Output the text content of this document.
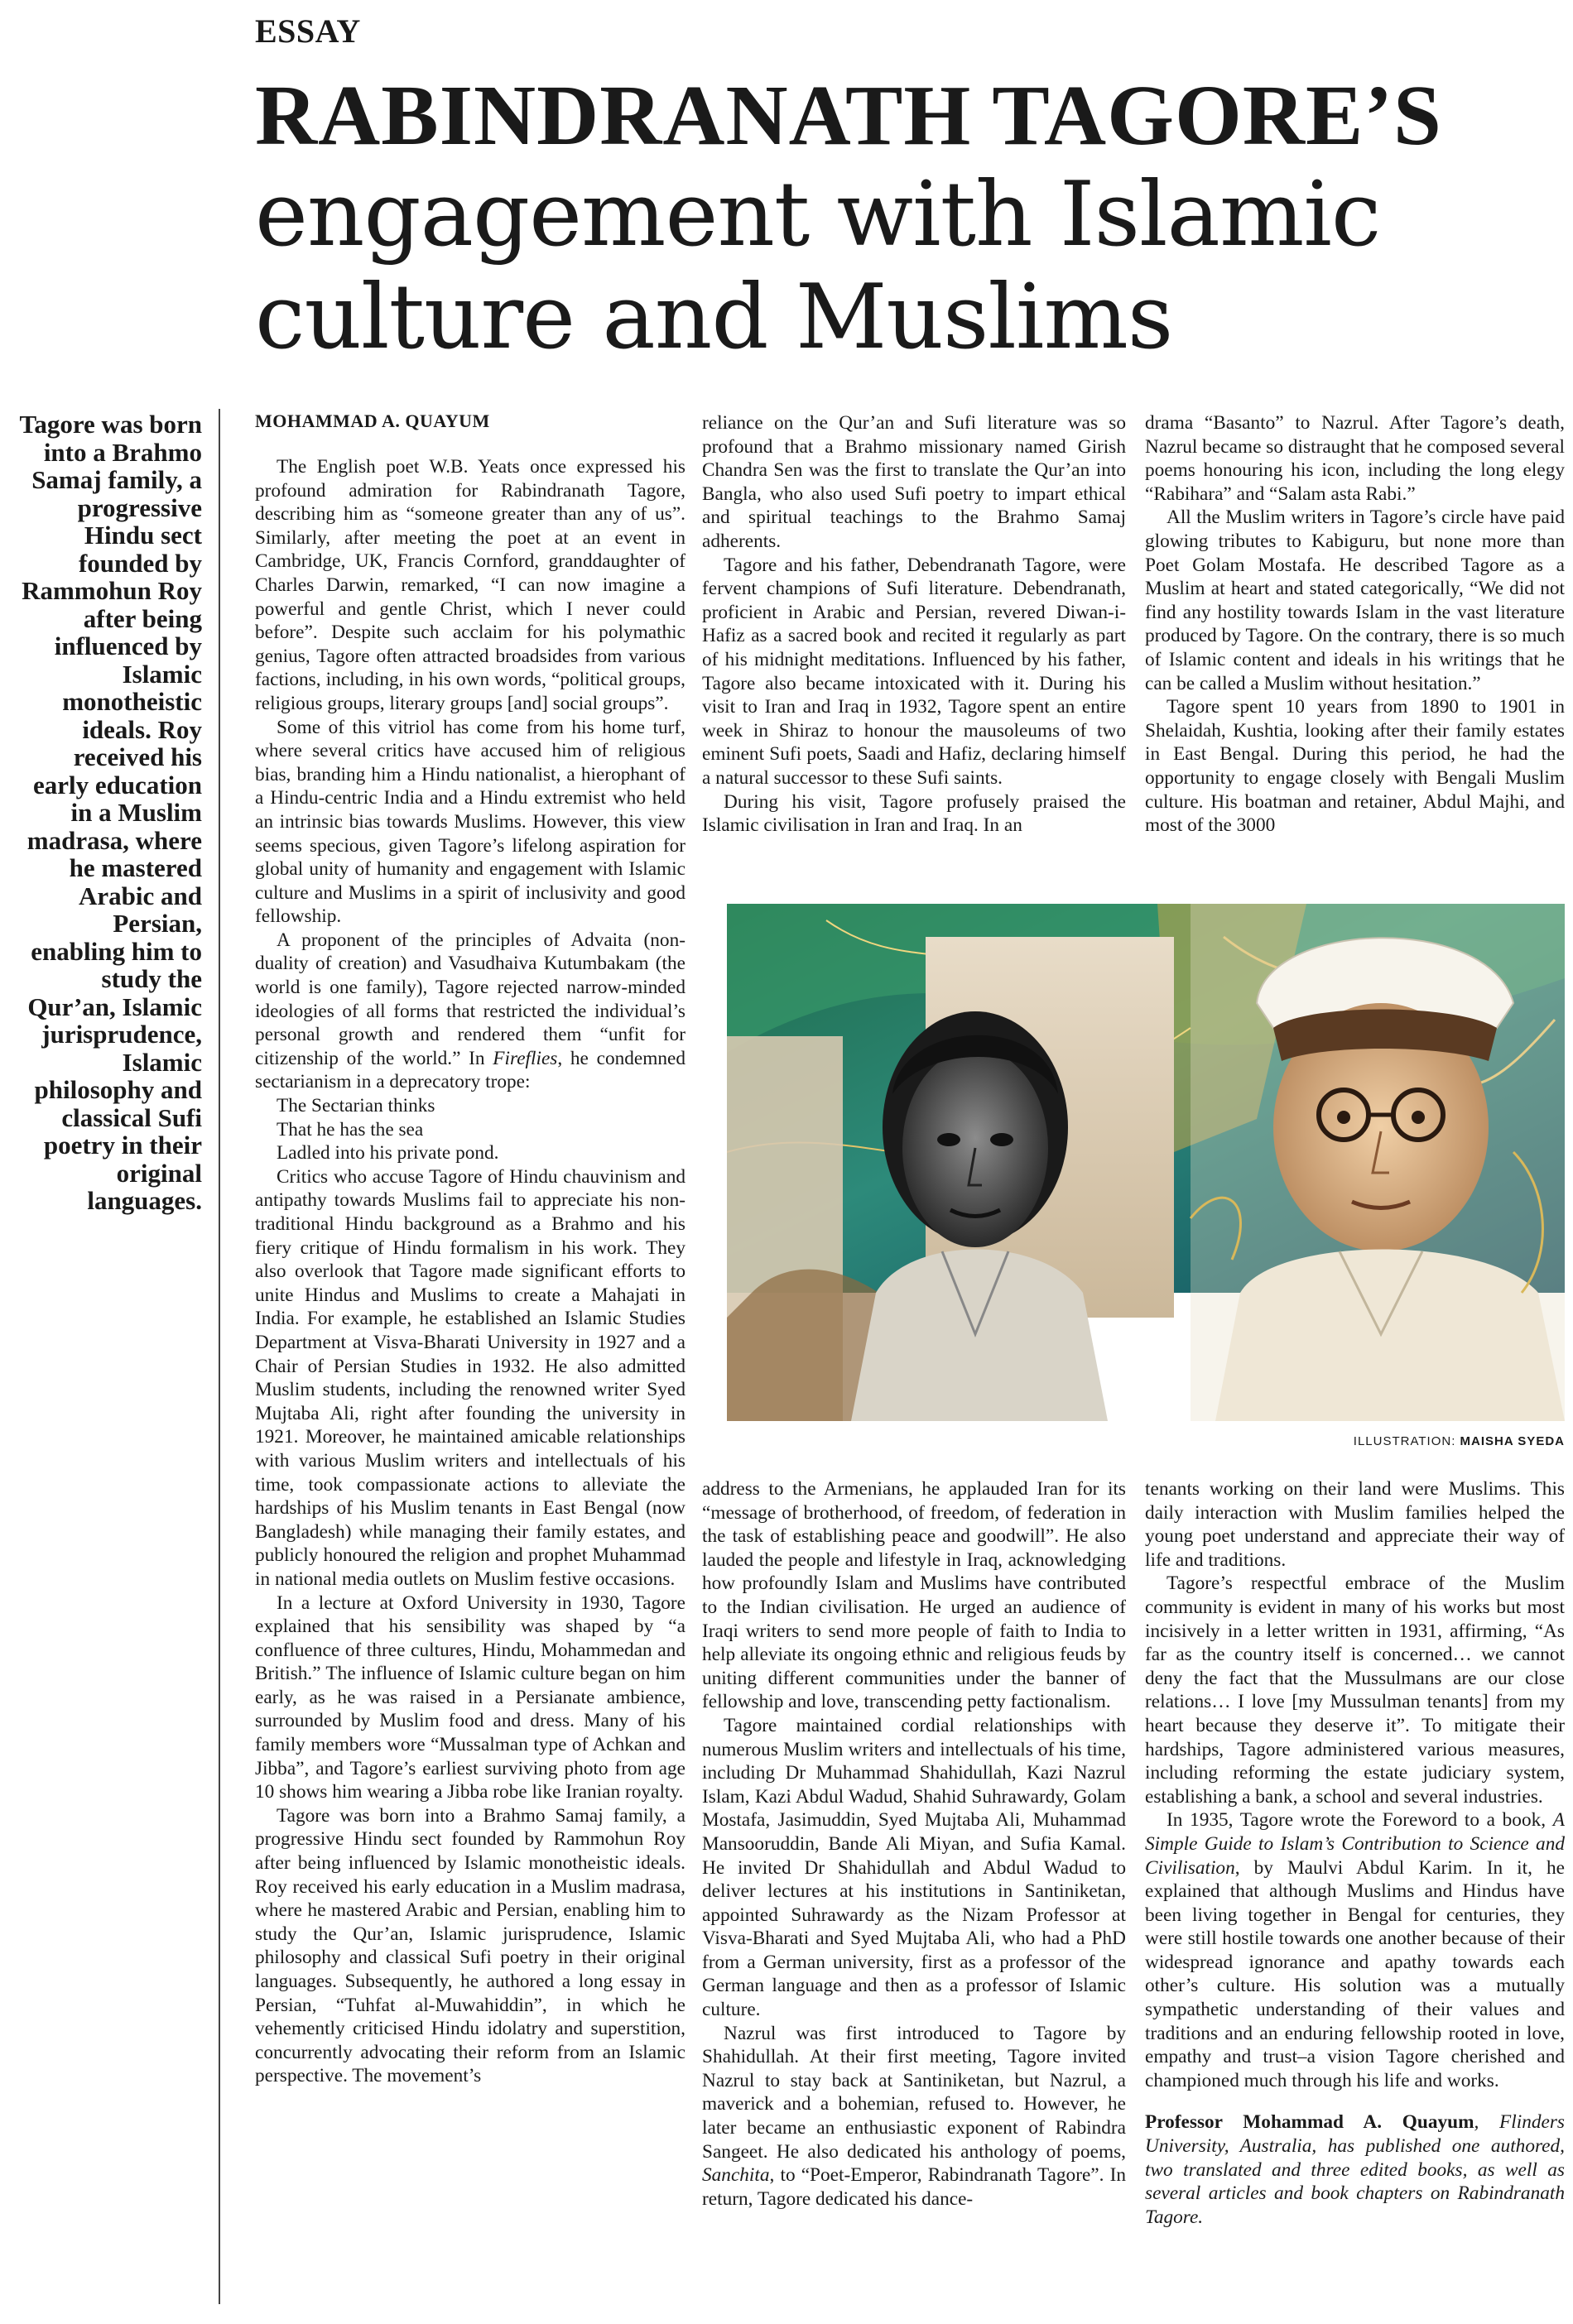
ESSAY
RABINDRANATH TAGORE’S
engagement with Islamic culture and Muslims
Tagore was born into a Brahmo Samaj family, a progressive Hindu sect founded by Rammohun Roy after being influenced by Islamic monotheistic ideals. Roy received his early education in a Muslim madrasa, where he mastered Arabic and Persian, enabling him to study the Qur’an, Islamic jurisprudence, Islamic philosophy and classical Sufi poetry in their original languages.
MOHAMMAD A. QUAYUM

The English poet W.B. Yeats once expressed his profound admiration for Rabindranath Tagore, describing him as “someone greater than any of us”. Similarly, after meeting the poet at an event in Cambridge, UK, Francis Cornford, granddaughter of Charles Darwin, remarked, “I can now imagine a powerful and gentle Christ, which I never could before”. Despite such acclaim for his polymathic genius, Tagore often attracted broadsides from various factions, including, in his own words, “political groups, religious groups, literary groups [and] social groups”.

Some of this vitriol has come from his home turf, where several critics have accused him of religious bias, branding him a Hindu nationalist, a hierophant of a Hindu-centric India and a Hindu extremist who held an intrinsic bias towards Muslims. However, this view seems specious, given Tagore’s lifelong aspiration for global unity of humanity and engagement with Islamic culture and Muslims in a spirit of inclusivity and good fellowship.

A proponent of the principles of Advaita (non-duality of creation) and Vasudhaiva Kutumbakam (the world is one family), Tagore rejected narrow-minded ideologies of all forms that restricted the individual’s personal growth and rendered them “unfit for citizenship of the world.” In Fireflies, he condemned sectarianism in a deprecatory trope:

The Sectarian thinks

That he has the sea

Ladled into his private pond.

Critics who accuse Tagore of Hindu chauvinism and antipathy towards Muslims fail to appreciate his non-traditional Hindu background as a Brahmo and his fiery critique of Hindu formalism in his work. They also overlook that Tagore made significant efforts to unite Hindus and Muslims to create a Mahajati in India. For example, he established an Islamic Studies Department at Visva-Bharati University in 1927 and a Chair of Persian Studies in 1932. He also admitted Muslim students, including the renowned writer Syed Mujtaba Ali, right after founding the university in 1921. Moreover, he maintained amicable relationships with various Muslim writers and intellectuals of his time, took compassionate actions to alleviate the hardships of his Muslim tenants in East Bengal (now Bangladesh) while managing their family estates, and publicly honoured the religion and prophet Muhammad in national media outlets on Muslim festive occasions.

In a lecture at Oxford University in 1930, Tagore explained that his sensibility was shaped by “a confluence of three cultures, Hindu, Mohammedan and British.” The influence of Islamic culture began on him early, as he was raised in a Persianate ambience, surrounded by Muslim food and dress. Many of his family members wore “Mussalman type of Achkan and Jibba”, and Tagore’s earliest surviving photo from age 10 shows him wearing a Jibba robe like Iranian royalty.

Tagore was born into a Brahmo Samaj family, a progressive Hindu sect founded by Rammohun Roy after being influenced by Islamic monotheistic ideals. Roy received his early education in a Muslim madrasa, where he mastered Arabic and Persian, enabling him to study the Qur’an, Islamic jurisprudence, Islamic philosophy and classical Sufi poetry in their original languages. Subsequently, he authored a long essay in Persian, “Tuhfat al-Muwahiddin”, in which he vehemently criticised Hindu idolatry and superstition, concurrently advocating their reform from an Islamic perspective. The movement’s

reliance on the Qur’an and Sufi literature was so profound that a Brahmo missionary named Girish Chandra Sen was the first to translate the Qur’an into Bangla, who also used Sufi poetry to impart ethical and spiritual teachings to the Brahmo Samaj adherents.

Tagore and his father, Debendranath Tagore, were fervent champions of Sufi literature. Debendranath, proficient in Arabic and Persian, revered Diwan-i-Hafiz as a sacred book and recited it regularly as part of his midnight meditations. Influenced by his father, Tagore also became intoxicated with it. During his visit to Iran and Iraq in 1932, Tagore spent an entire week in Shiraz to honour the mausoleums of two eminent Sufi poets, Saadi and Hafiz, declaring himself a natural successor to these Sufi saints.

During his visit, Tagore profusely praised the Islamic civilisation in Iran and Iraq. In an

drama “Basanto” to Nazrul. After Tagore’s death, Nazrul became so distraught that he composed several poems honouring his icon, including the long elegy “Rabihara” and “Salam asta Rabi.”

All the Muslim writers in Tagore’s circle have paid glowing tributes to Kabiguru, but none more than Poet Golam Mostafa. He described Tagore as a Muslim at heart and stated categorically, “We did not find any hostility towards Islam in the vast literature produced by Tagore. On the contrary, there is so much of Islamic content and ideals in his writings that he can be called a Muslim without hesitation.”

Tagore spent 10 years from 1890 to 1901 in Shelaidah, Kushtia, looking after their family estates in East Bengal. During this period, he had the opportunity to engage closely with Bengali Muslim culture. His boatman and retainer, Abdul Majhi, and most of the 3000

ILLUSTRATION: MAISHA SYEDA

address to the Armenians, he applauded Iran for its “message of brotherhood, of freedom, of federation in the task of establishing peace and goodwill”. He also lauded the people and lifestyle in Iraq, acknowledging how profoundly Islam and Muslims have contributed to the Indian civilisation. He urged an audience of Iraqi writers to send more people of faith to India to help alleviate its ongoing ethnic and religious feuds by uniting different communities under the banner of fellowship and love, transcending petty factionalism.

Tagore maintained cordial relationships with numerous Muslim writers and intellectuals of his time, including Dr Muhammad Shahidullah, Kazi Nazrul Islam, Kazi Abdul Wadud, Shahid Suhrawardy, Golam Mostafa, Jasimuddin, Syed Mujtaba Ali, Muhammad Mansooruddin, Bande Ali Miyan, and Sufia Kamal. He invited Dr Shahidullah and Abdul Wadud to deliver lectures at his institutions in Santiniketan, appointed Suhrawardy as the Nizam Professor at Visva-Bharati and Syed Mujtaba Ali, who had a PhD from a German university, first as a professor of the German language and then as a professor of Islamic culture.

Nazrul was first introduced to Tagore by Shahidullah. At their first meeting, Tagore invited Nazrul to stay back at Santiniketan, but Nazrul, a maverick and a bohemian, refused to. However, he later became an enthusiastic exponent of Rabindra Sangeet. He also dedicated his anthology of poems, Sanchita, to “Poet-Emperor, Rabindranath Tagore”. In return, Tagore dedicated his dance-

tenants working on their land were Muslims. This daily interaction with Muslim families helped the young poet understand and appreciate their way of life and traditions.

Tagore’s respectful embrace of the Muslim community is evident in many of his works but most incisively in a letter written in 1931, affirming, “As far as the country itself is concerned… we cannot deny the fact that the Mussulmans are our close relations… I love [my Mussulman tenants] from my heart because they deserve it”. To mitigate their hardships, Tagore administered various measures, including reforming the estate judiciary system, establishing a bank, a school and several industries.

In 1935, Tagore wrote the Foreword to a book, A Simple Guide to Islam’s Contribution to Science and Civilisation, by Maulvi Abdul Karim. In it, he explained that although Muslims and Hindus have been living together in Bengal for centuries, they were still hostile towards one another because of their widespread ignorance and apathy towards each other’s culture. His solution was a mutually sympathetic understanding of their values and traditions and an enduring fellowship rooted in love, empathy and trust–a vision Tagore cherished and championed much through his life and works.

Professor Mohammad A. Quayum, Flinders University, Australia, has published one authored, two translated and three edited books, as well as several articles and book chapters on Rabindranath Tagore.
